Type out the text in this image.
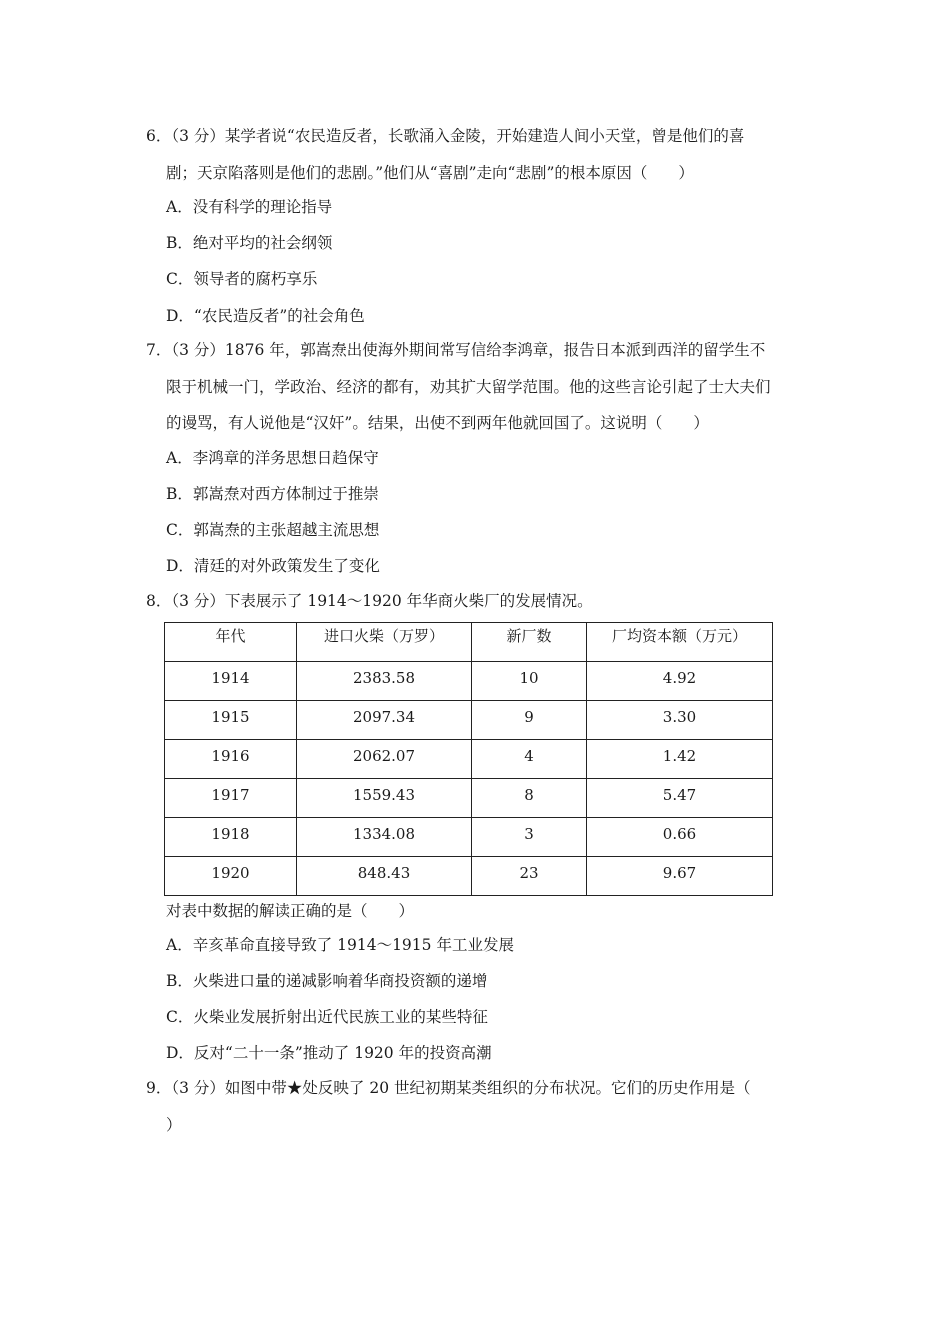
6．（3 分）某学者说“农民造反者，长歌涌入金陵，开始建造人间小天堂，曾是他们的喜
剧；天京陷落则是他们的悲剧。”他们从“喜剧”走向“悲剧”的根本原因（　　）
A．没有科学的理论指导
B．绝对平均的社会纲领
C．领导者的腐朽享乐
D．“农民造反者”的社会角色
7．（3 分）1876 年，郭嵩焘出使海外期间常写信给李鸿章，报告日本派到西洋的留学生不
限于机械一门，学政治、经济的都有，劝其扩大留学范围。他的这些言论引起了士大夫们
的谩骂，有人说他是“汉奸”。结果，出使不到两年他就回国了。这说明（　　）
A．李鸿章的洋务思想日趋保守
B．郭嵩焘对西方体制过于推崇
C．郭嵩焘的主张超越主流思想
D．清廷的对外政策发生了变化
8．（3 分）下表展示了 1914～1920 年华商火柴厂的发展情况。
年代	进口火柴（万罗）	新厂数	厂均资本额（万元）
1914	2383.58	10	4.92
1915	2097.34	9	3.30
1916	2062.07	4	1.42
1917	1559.43	8	5.47
1918	1334.08	3	0.66
1920	848.43	23	9.67
对表中数据的解读正确的是（　　）
A．辛亥革命直接导致了 1914～1915 年工业发展
B．火柴进口量的递减影响着华商投资额的递增
C．火柴业发展折射出近代民族工业的某些特征
D．反对“二十一条”推动了 1920 年的投资高潮
9．（3 分）如图中带★处反映了 20 世纪初期某类组织的分布状况。它们的历史作用是（
）
